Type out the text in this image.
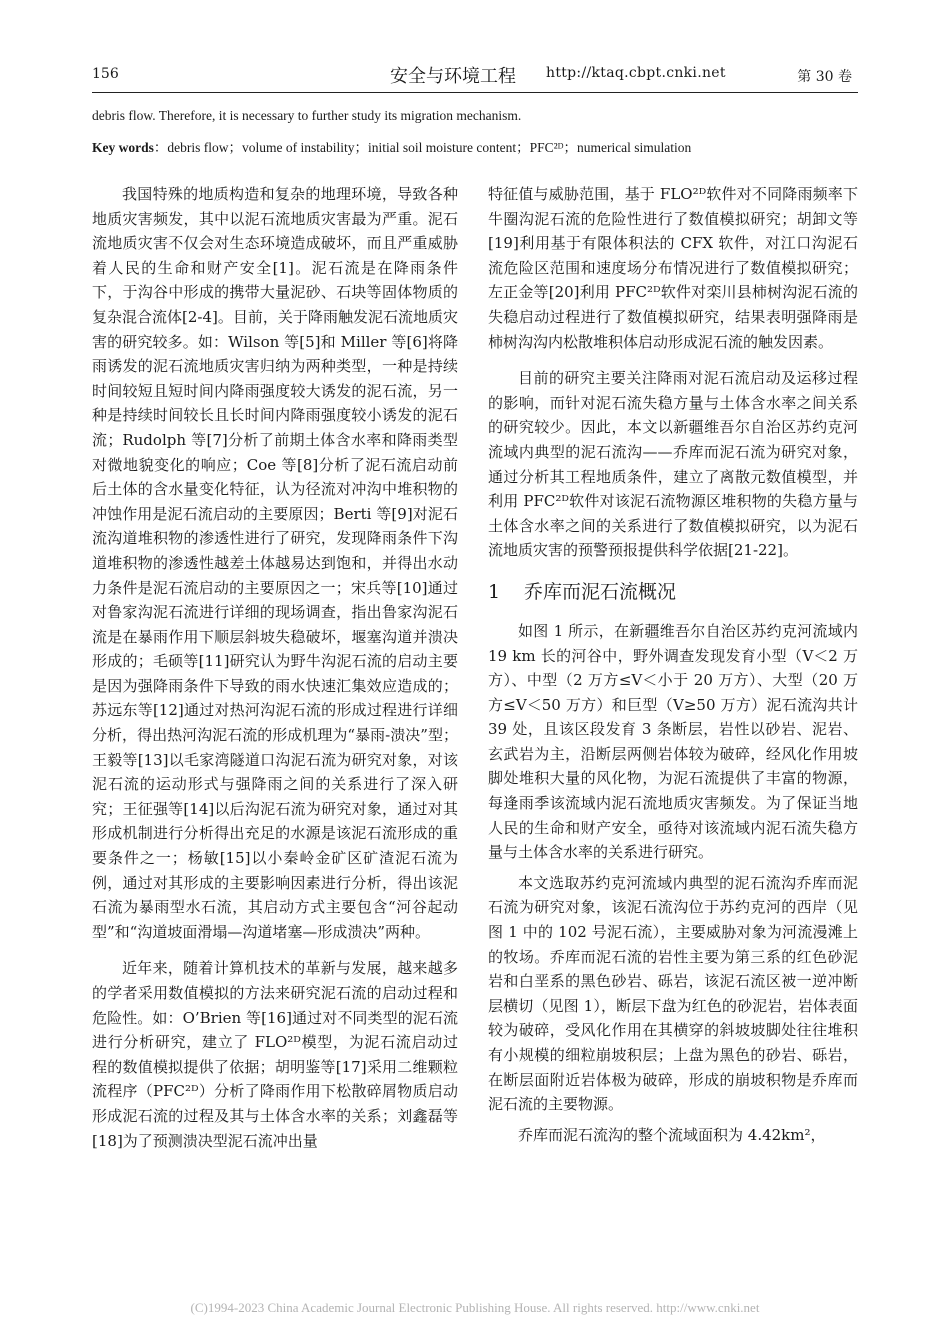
156	安全与环境工程 http://ktaq.cbpt.cnki.net	第 30 卷
debris flow. Therefore, it is necessary to further study its migration mechanism.
Key words：debris flow；volume of instability；initial soil moisture content；PFC²ᴰ；numerical simulation

我国特殊的地质构造和复杂的地理环境，导致各种地质灾害频发，其中以泥石流地质灾害最为严重。泥石流地质灾害不仅会对生态环境造成破坏，而且严重威胁着人民的生命和财产安全[1]。泥石流是在降雨条件下，于沟谷中形成的携带大量泥砂、石块等固体物质的复杂混合流体[2-4]。目前，关于降雨触发泥石流地质灾害的研究较多。如：Wilson 等[5]和 Miller 等[6]将降雨诱发的泥石流地质灾害归纳为两种类型，一种是持续时间较短且短时间内降雨强度较大诱发的泥石流，另一种是持续时间较长且长时间内降雨强度较小诱发的泥石流；Rudolph 等[7]分析了前期土体含水率和降雨类型对微地貌变化的响应；Coe 等[8]分析了泥石流启动前后土体的含水量变化特征，认为径流对冲沟中堆积物的冲蚀作用是泥石流启动的主要原因；Berti 等[9]对泥石流沟道堆积物的渗透性进行了研究，发现降雨条件下沟道堆积物的渗透性越差土体越易达到饱和，并得出水动力条件是泥石流启动的主要原因之一；宋兵等[10]通过对鲁家沟泥石流进行详细的现场调查，指出鲁家沟泥石流是在暴雨作用下顺层斜坡失稳破坏，堰塞沟道并溃决形成的；毛硕等[11]研究认为野牛沟泥石流的启动主要是因为强降雨条件下导致的雨水快速汇集效应造成的；苏远东等[12]通过对热河沟泥石流的形成过程进行详细分析，得出热河沟泥石流的形成机理为“暴雨-溃决”型；王毅等[13]以毛家湾隧道口沟泥石流为研究对象，对该泥石流的运动形式与强降雨之间的关系进行了深入研究；王征强等[14]以后沟泥石流为研究对象，通过对其形成机制进行分析得出充足的水源是该泥石流形成的重要条件之一；杨敏[15]以小秦岭金矿区矿渣泥石流为例，通过对其形成的主要影响因素进行分析，得出该泥石流为暴雨型水石流，其启动方式主要包含“河谷起动型”和“沟道坡面滑塌—沟道堵塞—形成溃决”两种。

近年来，随着计算机技术的革新与发展，越来越多的学者采用数值模拟的方法来研究泥石流的启动过程和危险性。如：O’Brien 等[16]通过对不同类型的泥石流进行分析研究，建立了 FLO²ᴰ模型，为泥石流启动过程的数值模拟提供了依据；胡明鉴等[17]采用二维颗粒流程序（PFC²ᴰ）分析了降雨作用下松散碎屑物质启动形成泥石流的过程及其与土体含水率的关系；刘鑫磊等[18]为了预测溃决型泥石流冲出量

特征值与威胁范围，基于 FLO²ᴰ软件对不同降雨频率下牛圈沟泥石流的危险性进行了数值模拟研究；胡卸文等[19]利用基于有限体积法的 CFX 软件，对江口沟泥石流危险区范围和速度场分布情况进行了数值模拟研究；左正金等[20]利用 PFC²ᴰ软件对栾川县柿树沟泥石流的失稳启动过程进行了数值模拟研究，结果表明强降雨是柿树沟沟内松散堆积体启动形成泥石流的触发因素。

目前的研究主要关注降雨对泥石流启动及运移过程的影响，而针对泥石流失稳方量与土体含水率之间关系的研究较少。因此，本文以新疆维吾尔自治区苏约克河流域内典型的泥石流沟——乔库而泥石流为研究对象，通过分析其工程地质条件，建立了离散元数值模型，并利用 PFC²ᴰ软件对该泥石流物源区堆积物的失稳方量与土体含水率之间的关系进行了数值模拟研究，以为泥石流地质灾害的预警预报提供科学依据[21-22]。

1 乔库而泥石流概况

如图 1 所示，在新疆维吾尔自治区苏约克河流域内 19 km 长的河谷中，野外调查发现发育小型（V＜2 万方）、中型（2 万方≤V＜小于 20 万方）、大型（20 万方≤V＜50 万方）和巨型（V≥50 万方）泥石流沟共计 39 处，且该区段发育 3 条断层，岩性以砂岩、泥岩、玄武岩为主，沿断层两侧岩体较为破碎，经风化作用坡脚处堆积大量的风化物，为泥石流提供了丰富的物源，每逢雨季该流域内泥石流地质灾害频发。为了保证当地人民的生命和财产安全，亟待对该流域内泥石流失稳方量与土体含水率的关系进行研究。

本文选取苏约克河流域内典型的泥石流沟乔库而泥石流为研究对象，该泥石流沟位于苏约克河的西岸（见图 1 中的 102 号泥石流），主要威胁对象为河流漫滩上的牧场。乔库而泥石流的岩性主要为第三系的红色砂泥岩和白垩系的黑色砂岩、砾岩，该泥石流区被一逆冲断层横切（见图 1），断层下盘为红色的砂泥岩，岩体表面较为破碎，受风化作用在其横穿的斜坡坡脚处往往堆积有小规模的细粒崩坡积层；上盘为黑色的砂岩、砾岩，在断层面附近岩体极为破碎，形成的崩坡积物是乔库而泥石流的主要物源。

乔库而泥石流沟的整个流域面积为 4.42km²，

(C)1994-2023 China Academic Journal Electronic Publishing House. All rights reserved. http://www.cnki.net
